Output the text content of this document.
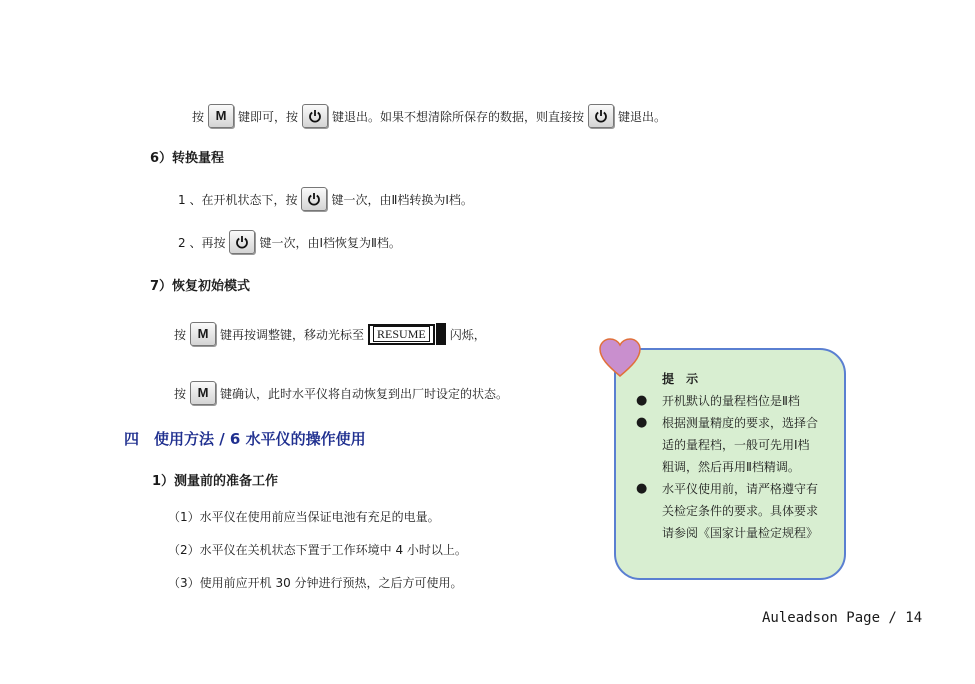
按 M 键即可，按	键退出。如果不想清除所保存的数据，则直接按	键退出。
6）转换量程
1 、在开机状态下，按	键一次，由Ⅱ档转换为Ⅰ档。
2 、再按	键一次，由Ⅰ档恢复为Ⅱ档。
7）恢复初始模式
按 M 键再按调整键，移动光标至	RESUME	闪烁，
按 M 键确认，此时水平仪将自动恢复到出厂时设定的状态。
四　使用方法 / 6 水平仪的操作使用
1）测量前的准备工作
（1）水平仪在使用前应当保证电池有充足的电量。
（2）水平仪在关机状态下置于工作环境中 4 小时以上。
（3）使用前应开机 30 分钟进行预热，之后方可使用。
提 示
●	开机默认的量程档位是Ⅱ档
●	根据测量精度的要求，选择合
适的量程档，一般可先用Ⅰ档
粗调，然后再用Ⅱ档精调。
●	水平仪使用前，请严格遵守有
关检定条件的要求。具体要求
请参阅《国家计量检定规程》
Auleadson Page / 14
